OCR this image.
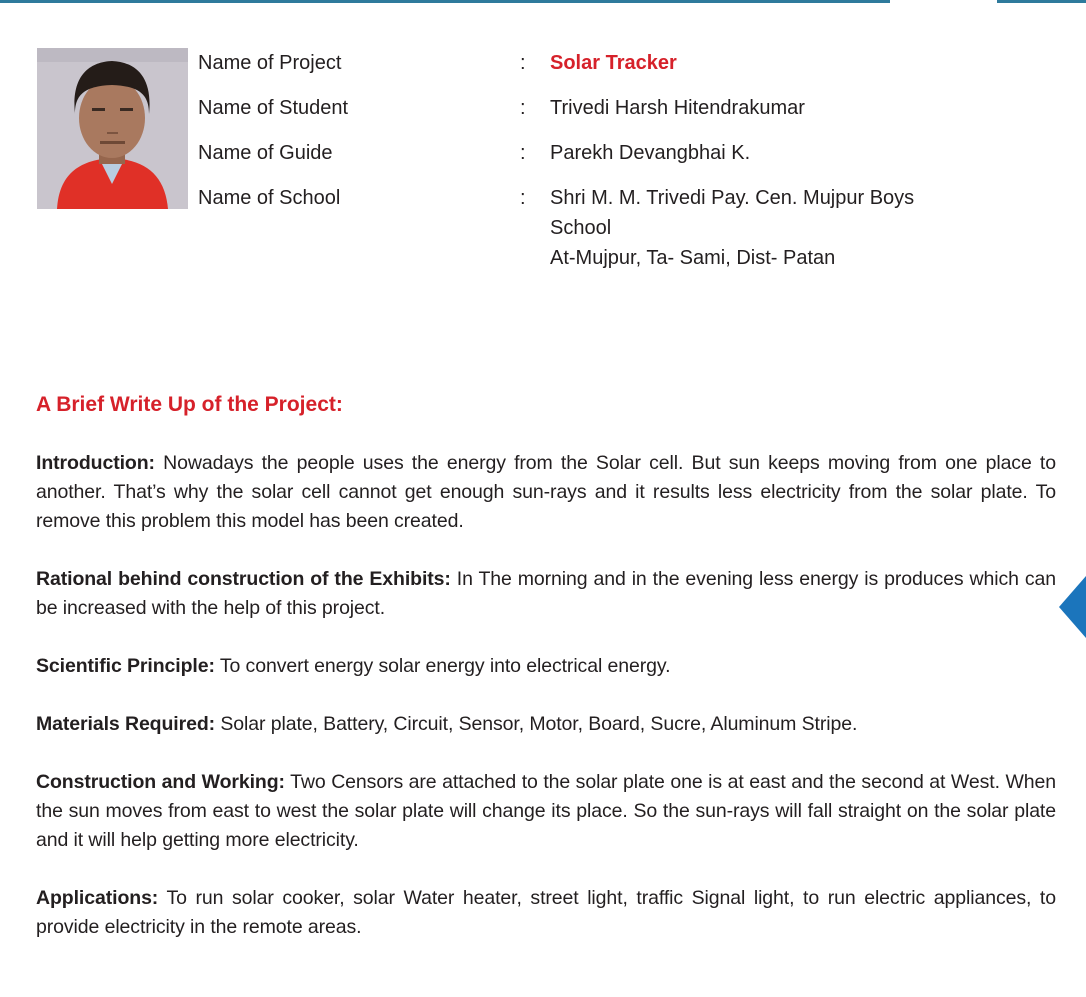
Name of Project	:	Solar Tracker
Name of Student	:	Trivedi Harsh Hitendrakumar
Name of Guide	:	Parekh Devangbhai K.
Name of School	:	Shri M. M. Trivedi Pay. Cen. Mujpur Boys
School
At-Mujpur, Ta- Sami, Dist- Patan
A Brief Write Up of the Project:

Introduction: Nowadays the people uses the energy from the Solar cell. But sun keeps moving from one place to another. That’s why the solar cell cannot get enough sun-rays and it results less electricity from the solar plate. To remove this problem this model has been created.

Rational behind construction of the Exhibits: In The morning and in the evening less energy is produces which can be increased with the help of this project.

Scientific Principle: To convert energy solar energy into electrical energy.

Materials Required: Solar plate, Battery, Circuit, Sensor, Motor, Board, Sucre, Aluminum Stripe.

Construction and Working: Two Censors are attached to the solar plate one is at east and the second at West. When the sun moves from east to west the solar plate will change its place. So the sun-rays will fall straight on the solar plate and it will help getting more electricity.

Applications: To run solar cooker, solar Water heater, street light, traffic Signal light, to run electric appliances, to provide electricity in the remote areas.
